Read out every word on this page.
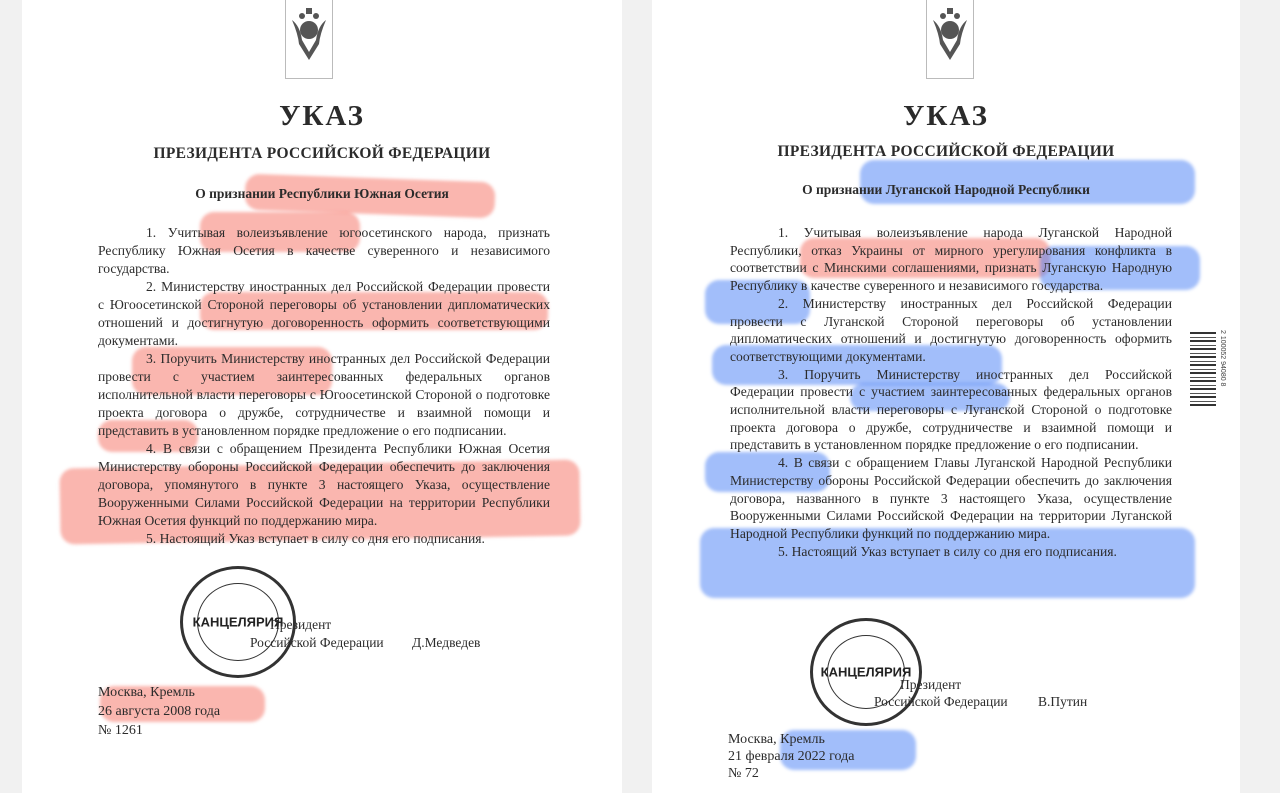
УКАЗ
ПРЕЗИДЕНТА РОССИЙСКОЙ ФЕДЕРАЦИИ
О признании Республики Южная Осетия

1. Учитывая волеизъявление югоосетинского народа, признать Республику Южная Осетия в качестве суверенного и независимого государства.

2. Министерству иностранных дел Российской Федерации провести с Югоосетинской Стороной переговоры об установлении дипломатических отношений и достигнутую договоренность оформить соответствующими документами.

3. Поручить Министерству иностранных дел Российской Федерации провести с участием заинтересованных федеральных органов исполнительной власти переговоры с Югоосетинской Стороной о подготовке проекта договора о дружбе, сотрудничестве и взаимной помощи и представить в установленном порядке предложение о его подписании.

4. В связи с обращением Президента Республики Южная Осетия Министерству обороны Российской Федерации обеспечить до заключения договора, упомянутого в пункте 3 настоящего Указа, осуществление Вооруженными Силами Российской Федерации на территории Республики Южная Осетия функций по поддержанию мира.

5. Настоящий Указ вступает в силу со дня его подписания.

Президент
Российской Федерации Д.Медведев
Москва, Кремль
26 августа 2008 года
№ 1261
КАНЦЕЛЯРИЯ
УКАЗ
ПРЕЗИДЕНТА РОССИЙСКОЙ ФЕДЕРАЦИИ
О признании Луганской Народной Республики

1. Учитывая волеизъявление народа Луганской Народной Республики, отказ Украины от мирного урегулирования конфликта в соответствии с Минскими соглашениями, признать Луганскую Народную Республику в качестве суверенного и независимого государства.

2. Министерству иностранных дел Российской Федерации провести с Луганской Стороной переговоры об установлении дипломатических отношений и достигнутую договоренность оформить соответствующими документами.

3. Поручить Министерству иностранных дел Российской Федерации провести с участием заинтересованных федеральных органов исполнительной власти переговоры с Луганской Стороной о подготовке проекта договора о дружбе, сотрудничестве и взаимной помощи и представить в установленном порядке предложение о его подписании.

4. В связи с обращением Главы Луганской Народной Республики Министерству обороны Российской Федерации обеспечить до заключения договора, названного в пункте 3 настоящего Указа, осуществление Вооруженными Силами Российской Федерации на территории Луганской Народной Республики функций по поддержанию мира.

5. Настоящий Указ вступает в силу со дня его подписания.

Президент
Российской Федерации В.Путин
Москва, Кремль
21 февраля 2022 года
№ 72
КАНЦЕЛЯРИЯ
2 100052 94080 8
